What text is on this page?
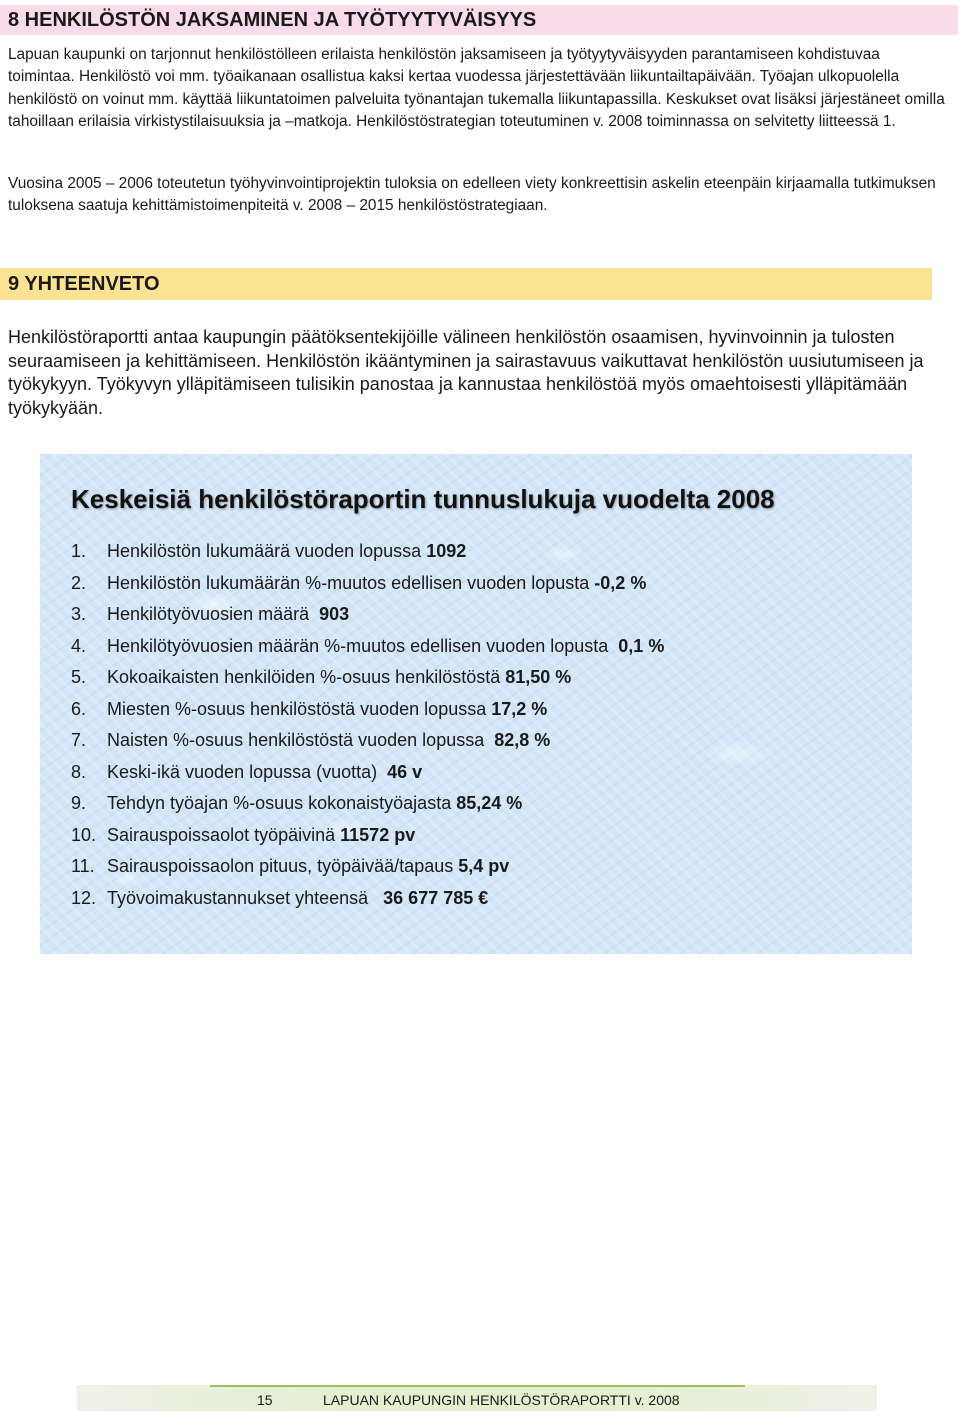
8 HENKILÖSTÖN JAKSAMINEN JA TYÖTYYTYVÄISYYS

Lapuan kaupunki on tarjonnut henkilöstölleen erilaista henkilöstön jaksamiseen ja työtyytyväisyyden parantamiseen kohdistuvaa toimintaa. Henkilöstö voi mm. työaikanaan osallistua kaksi kertaa vuodessa järjestettävään liikuntailtapäivään. Työajan ulkopuolella henkilöstö on voinut mm. käyttää liikuntatoimen palveluita työnantajan tukemalla liikuntapassilla. Keskukset ovat lisäksi järjestäneet omilla tahoillaan erilaisia virkistystilaisuuksia ja –matkoja. Henkilöstöstrategian toteutuminen v. 2008 toiminnassa on selvitetty liitteessä 1.

Vuosina 2005 – 2006 toteutetun työhyvinvointiprojektin tuloksia on edelleen viety konkreettisin askelin eteenpäin kirjaamalla tutkimuksen tuloksena saatuja kehittämistoimenpiteitä v. 2008 – 2015 henkilöstöstrategiaan.

9 YHTEENVETO

Henkilöstöraportti antaa kaupungin päätöksentekijöille välineen henkilöstön osaamisen, hyvinvoinnin ja tulosten seuraamiseen ja kehittämiseen. Henkilöstön ikääntyminen ja sairastavuus vaikuttavat henkilöstön uusiutumiseen ja työkykyyn. Työkyvyn ylläpitämiseen tulisikin panostaa ja kannustaa henkilöstöä myös omaehtoisesti ylläpitämään työkykyään.

Keskeisiä henkilöstöraportin tunnuslukuja vuodelta 2008
1. Henkilöstön lukumäärä vuoden lopussa 1092
2. Henkilöstön lukumäärän %-muutos edellisen vuoden lopusta -0,2 %
3. Henkilötyövuosien määrä  903
4. Henkilötyövuosien määrän %-muutos edellisen vuoden lopusta  0,1 %
5. Kokoaikaisten henkilöiden %-osuus henkilöstöstä 81,50 %
6. Miesten %-osuus henkilöstöstä vuoden lopussa 17,2 %
7. Naisten %-osuus henkilöstöstä vuoden lopussa  82,8 %
8. Keski-ikä vuoden lopussa (vuotta)  46 v
9. Tehdyn työajan %-osuus kokonaistyöajasta 85,24 %
10. Sairauspoissaolot työpäivinä 11572 pv
11. Sairauspoissaolon pituus, työpäivää/tapaus 5,4 pv
12. Työvoimakustannukset yhteensä   36 677 785 €
15	LAPUAN KAUPUNGIN HENKILÖSTÖRAPORTTI v. 2008
